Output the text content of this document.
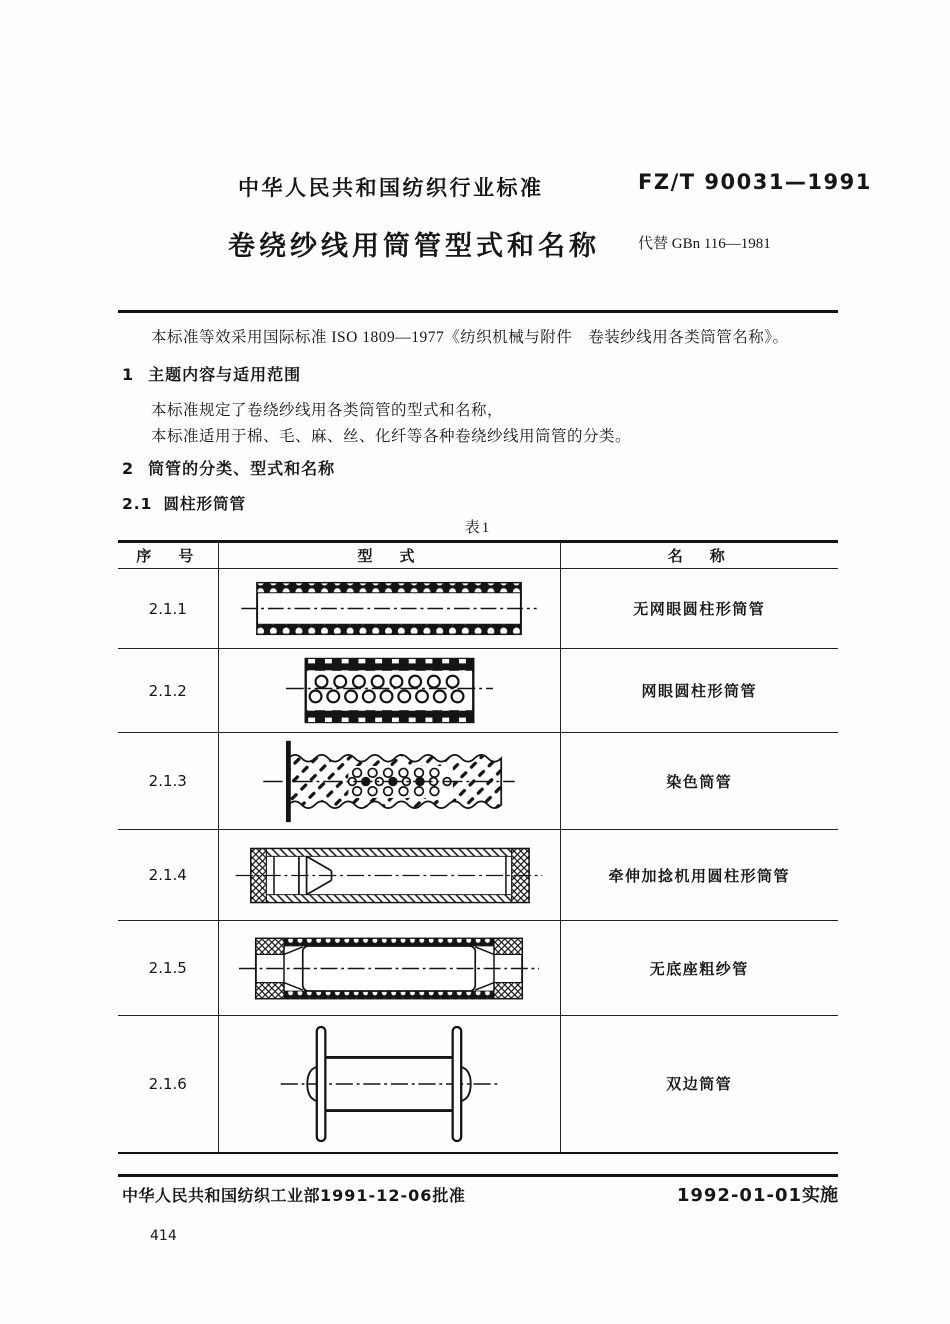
中华人民共和国纺织行业标准	FZ/T 90031—1991
卷绕纱线用筒管型式和名称	代替 GBn 116—1981
本标准等效采用国际标准 ISO 1809—1977《纺织机械与附件　卷装纱线用各类筒管名称》。
1 主题内容与适用范围
本标准规定了卷绕纱线用各类筒管的型式和名称，
本标准适用于棉、毛、麻、丝、化纤等各种卷绕纱线用筒管的分类。
2 筒管的分类、型式和名称
2.1 圆柱形筒管
表1
序　号	型　式	名　称
2.1.1		无网眼圆柱形筒管
2.1.2		网眼圆柱形筒管
2.1.3		染色筒管
2.1.4		牵伸加捻机用圆柱形筒管
2.1.5		无底座粗纱管
2.1.6		双边筒管
中华人民共和国纺织工业部1991-12-06批准	1992-01-01实施
414
